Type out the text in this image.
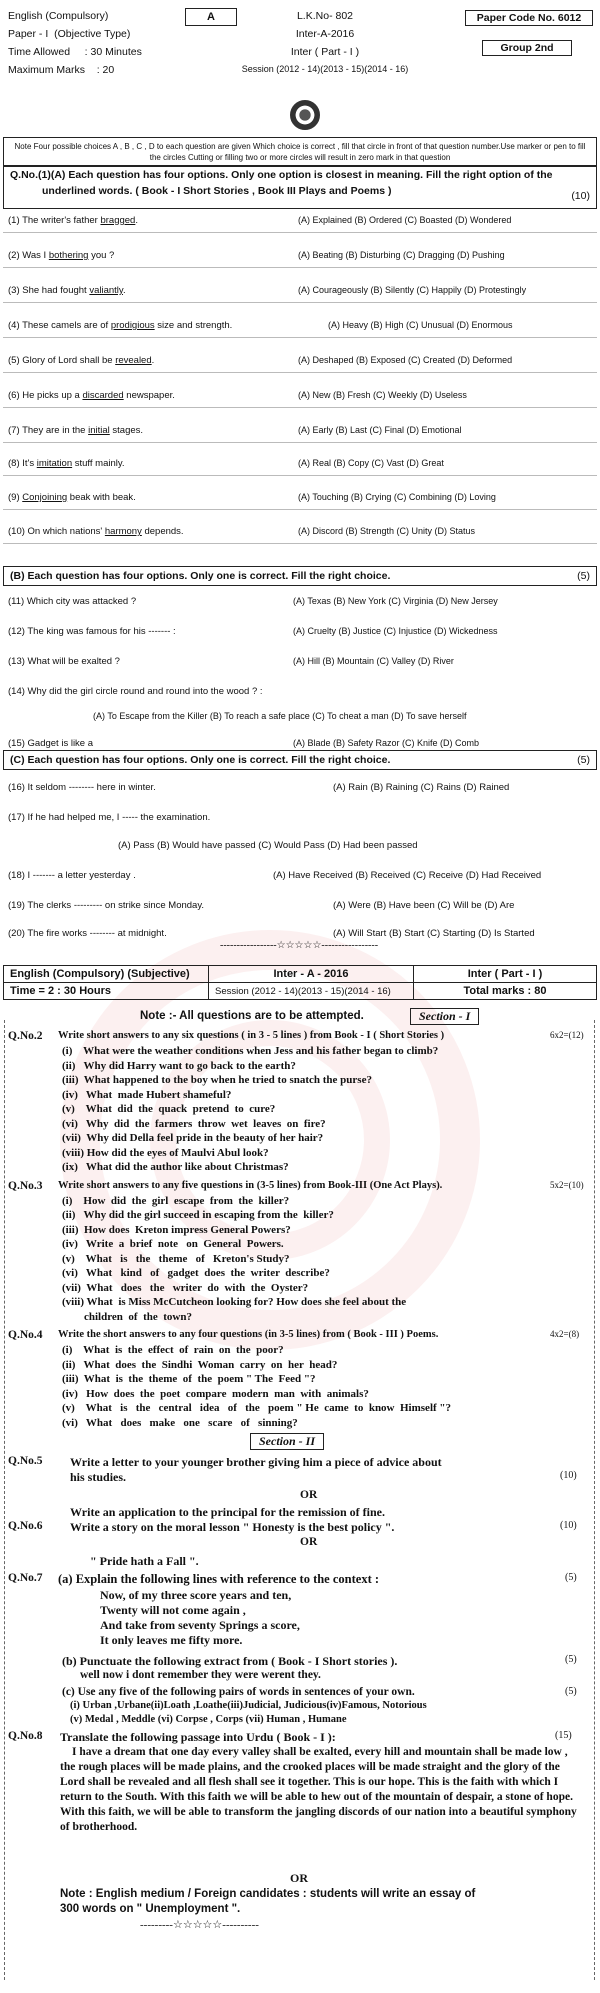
English (Compulsory)
Paper - I (Objective Type)
Time Allowed : 30 Minutes
Maximum Marks : 20
A	L.K.No- 802
Inter-A-2016
Inter ( Part - I )
Session (2012 - 14)(2013 - 15)(2014 - 16)
Paper Code No. 6012
Group 2nd
Note Four possible choices A , B , C , D to each question are given Which choice is correct , fill that circle in front of that question number.Use marker or pen to fill the circles Cutting or filling two or more circles will result in zero mark in that question
Q.No.(1)(A) Each question has four options. Only one option is closest in meaning. Fill the right option of the
underlined words. ( Book - I Short Stories , Book III Plays and Poems )	(10)
(1) The writer's father bragged.	(A) Explained (B) Ordered (C) Boasted (D) Wondered
(2) Was I bothering you ?	(A) Beating (B) Disturbing (C) Dragging (D) Pushing
(3) She had fought valiantly.	(A) Courageously (B) Silently (C) Happily (D) Protestingly
(4) These camels are of prodigious size and strength.	(A) Heavy (B) High (C) Unusual (D) Enormous
(5) Glory of Lord shall be revealed.	(A) Deshaped (B) Exposed (C) Created (D) Deformed
(6) He picks up a discarded newspaper.	(A) New (B) Fresh (C) Weekly (D) Useless
(7) They are in the initial stages.	(A) Early (B) Last (C) Final (D) Emotional
(8) It's imitation stuff mainly.	(A) Real (B) Copy (C) Vast (D) Great
(9) Conjoining beak with beak.	(A) Touching (B) Crying (C) Combining (D) Loving
(10) On which nations' harmony depends.	(A) Discord (B) Strength (C) Unity (D) Status
(B) Each question has four options. Only one is correct. Fill the right choice.	(5)
(11) Which city was attacked ?	(A) Texas (B) New York (C) Virginia (D) New Jersey
(12) The king was famous for his ------- :	(A) Cruelty (B) Justice (C) Injustice (D) Wickedness
(13) What will be exalted ?	(A) Hill (B) Mountain (C) Valley (D) River
(14) Why did the girl circle round and round into the wood ? :
(A) To Escape from the Killer (B) To reach a safe place (C) To cheat a man (D) To save herself
(15) Gadget is like a	(A) Blade (B) Safety Razor (C) Knife (D) Comb
(C) Each question has four options. Only one is correct. Fill the right choice.	(5)
(16) It seldom -------- here in winter.	(A) Rain (B) Raining (C) Rains (D) Rained
(17) If he had helped me, I ----- the examination.
(A) Pass (B) Would have passed (C) Would Pass (D) Had been passed
(18) I ------- a letter yesterday .	(A) Have Received (B) Received (C) Receive (D) Had Received
(19) The clerks --------- on strike since Monday.	(A) Were (B) Have been (C) Will be (D) Are
(20) The fire works -------- at midnight.	(A) Will Start (B) Start (C) Starting (D) Is Started
-----------------☆☆☆☆☆-----------------
English (Compulsory) (Subjective)	Inter - A - 2016	Inter ( Part - I )
Time = 2 : 30 Hours	Session (2012 - 14)(2013 - 15)(2014 - 16)	Total marks : 80
Note :- All questions are to be attempted.	Section - I
Q.No.2 Write short answers to any six questions ( in 3 - 5 lines ) from Book - I ( Short Stories )	6x2=(12)
(i)    What were the weather conditions when Jess and his father began to climb?
(ii)   Why did Harry want to go back to the earth?
(iii)  What happened to the boy when he tried to snatch the purse?
(iv)   What  made Hubert shameful?
(v)    What  did  the  quack  pretend  to  cure?
(vi)   Why  did  the  farmers  throw  wet  leaves  on  fire?
(vii)  Why did Della feel pride in the beauty of her hair?
(viii) How did the eyes of Maulvi Abul look?
(ix)   What did the author like about Christmas?
Q.No.3 Write short answers to any five questions in (3-5 lines) from Book-III (One Act Plays).	5x2=(10)
(i)    How  did  the  girl  escape  from  the  killer?
(ii)   Why did the girl succeed in escaping from the  killer?
(iii)  How does  Kreton impress General Powers?
(iv)   Write  a  brief  note   on  General  Powers.
(v)    What   is   the   theme   of   Kreton's Study?
(vi)   What   kind   of   gadget  does  the  writer  describe?
(vii)  What   does   the   writer  do  with  the  Oyster?
(viii) What  is Miss McCutcheon looking for? How does she feel about the
children  of  the  town?
Q.No.4 Write the short answers to any four questions (in 3-5 lines) from ( Book - III ) Poems.	4x2=(8)
(i)    What  is  the  effect  of  rain  on  the  poor?
(ii)   What  does  the  Sindhi  Woman  carry  on  her  head?
(iii)  What  is  the  theme  of  the  poem " The  Feed "?
(iv)   How  does  the  poet  compare  modern  man  with  animals?
(v)    What   is   the   central   idea   of   the   poem " He  came  to  know  Himself "?
(vi)   What   does   make   one   scare   of   sinning?
Section - II
Q.No.5 Write a letter to your younger brother giving him a piece of advice about
his studies.	(10)
OR
Write an application to the principal for the remission of fine.
Q.No.6 Write a story on the moral lesson " Honesty is the best policy ".	(10)
OR
" Pride hath a Fall ".
Q.No.7 (a) Explain the following lines with reference to the context :	(5)
Now, of my three score years and ten,
Twenty will not come again ,
And take from seventy Springs a score,
It only leaves me fifty more.
(b) Punctuate the following extract from ( Book - I Short stories ).	(5)
well now i dont remember they were werent they.
(c) Use any five of the following pairs of words in sentences of your own.	(5)
(i) Urban ,Urbane(ii)Loath ,Loathe(iii)Judicial, Judicious(iv)Famous, Notorious
(v) Medal , Meddle (vi) Corpse , Corps (vii) Human , Humane
Q.No.8 Translate the following passage into Urdu ( Book - I ):	(15)
I have a dream that one day every valley shall be exalted, every hill and mountain shall be made low , the rough places will be made plains, and the crooked places will be made straight and the glory of the Lord shall be revealed and all flesh shall see it together. This is our hope. This is the faith with which I return to the South. With this faith we will be able to hew out of the mountain of despair, a stone of hope. With this faith, we will be able to transform the jangling discords of our nation into a beautiful symphony of brotherhood.
OR
Note : English medium / Foreign candidates : students will write an essay of
300 words on " Unemployment ".
---------☆☆☆☆☆----------
